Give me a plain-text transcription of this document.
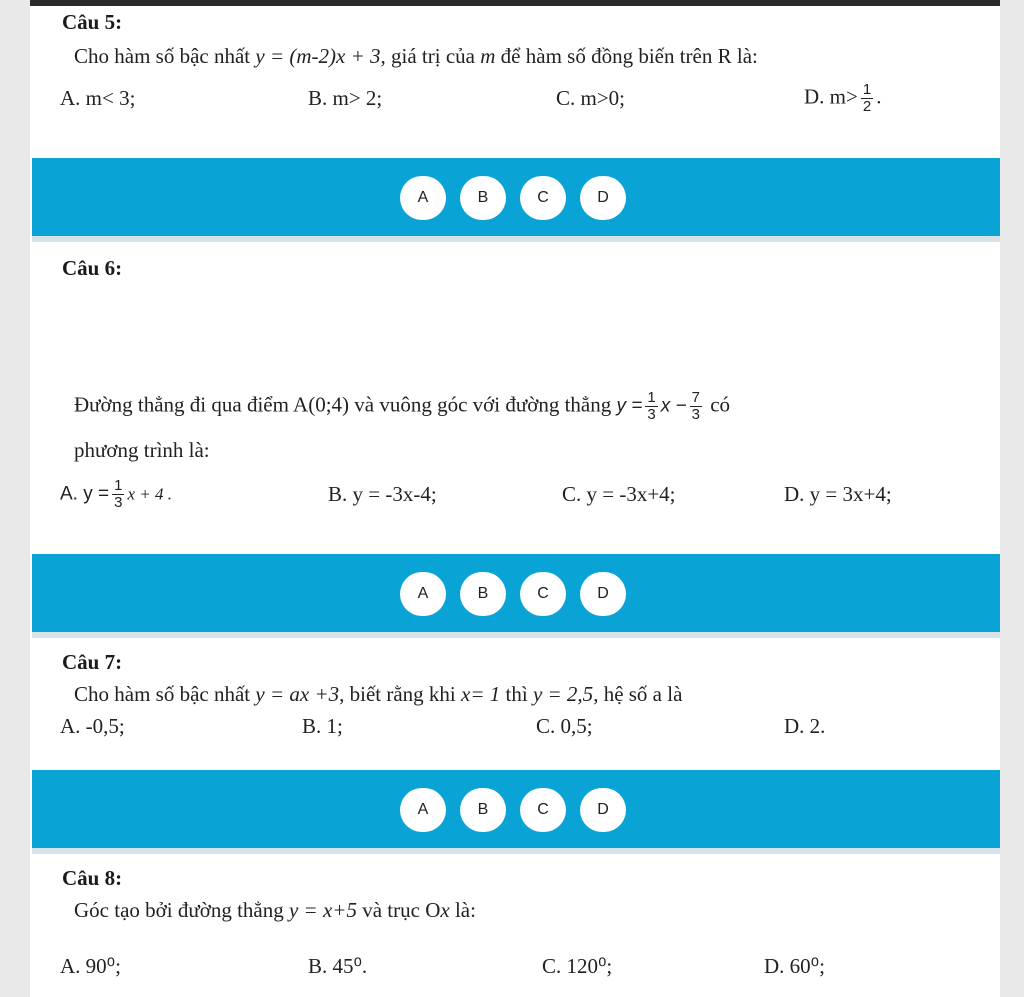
Câu 5:
Cho hàm số bậc nhất y = (m-2)x + 3, giá trị của m để hàm số đồng biến trên R là:
A. m< 3;	B. m> 2;	C. m>0;	D. $m> \frac{1}{2}$ .
A	B	C	D
Câu 6:
Đường thẳng đi qua điểm A(0;4) và vuông góc với đường thẳng $y = \frac{1}{3}$ $x - \frac{7}{3}$ có
phương trình là:
A. $y = \frac{1}{3}$ x + 4 .	B. y = -3x-4;	C. y = -3x+4;	D. y = 3x+4;
A	B	C	D
Câu 7:
Cho hàm số bậc nhất y = ax +3, biết rằng khi x= 1 thì y = 2,5, hệ số a là
A. -0,5;	B. 1;	C. 0,5;	D. 2.
A	B	C	D
Câu 8:
Góc tạo bởi đường thẳng y = x+5 và trục Ox là:
A. 90⁰;	B. 45⁰.	C. 120⁰;	D. 60⁰;
